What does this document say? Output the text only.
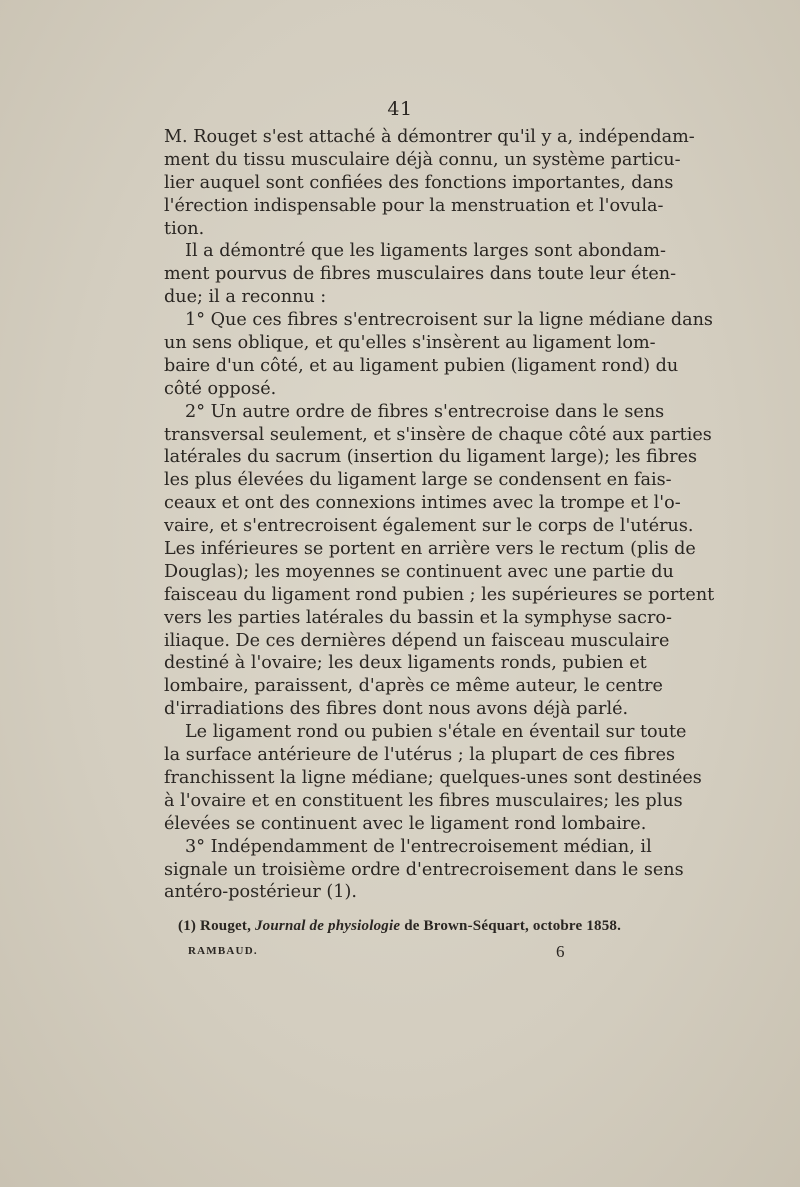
41
M. Rouget s'est attaché à démontrer qu'il y a, indépendam-
ment du tissu musculaire déjà connu, un système particu-
lier auquel sont confiées des fonctions importantes, dans
l'érection indispensable pour la menstruation et l'ovula-
tion.
Il a démontré que les ligaments larges sont abondam-
ment pourvus de fibres musculaires dans toute leur éten-
due; il a reconnu :
1° Que ces fibres s'entrecroisent sur la ligne médiane dans
un sens oblique, et qu'elles s'insèrent au ligament lom-
baire d'un côté, et au ligament pubien (ligament rond) du
côté opposé.
2° Un autre ordre de fibres s'entrecroise dans le sens
transversal seulement, et s'insère de chaque côté aux parties
latérales du sacrum (insertion du ligament large); les fibres
les plus élevées du ligament large se condensent en fais-
ceaux et ont des connexions intimes avec la trompe et l'o-
vaire, et s'entrecroisent également sur le corps de l'utérus.
Les inférieures se portent en arrière vers le rectum (plis de
Douglas); les moyennes se continuent avec une partie du
faisceau du ligament rond pubien ; les supérieures se portent
vers les parties latérales du bassin et la symphyse sacro-
iliaque. De ces dernières dépend un faisceau musculaire
destiné à l'ovaire; les deux ligaments ronds, pubien et
lombaire, paraissent, d'après ce même auteur, le centre
d'irradiations des fibres dont nous avons déjà parlé.
Le ligament rond ou pubien s'étale en éventail sur toute
la surface antérieure de l'utérus ; la plupart de ces fibres
franchissent la ligne médiane; quelques-unes sont destinées
à l'ovaire et en constituent les fibres musculaires; les plus
élevées se continuent avec le ligament rond lombaire.
3° Indépendamment de l'entrecroisement médian, il
signale un troisième ordre d'entrecroisement dans le sens
antéro-postérieur (1).
(1) Rouget, Journal de physiologie de Brown-Séquart, octobre 1858.
RAMBAUD.	6
